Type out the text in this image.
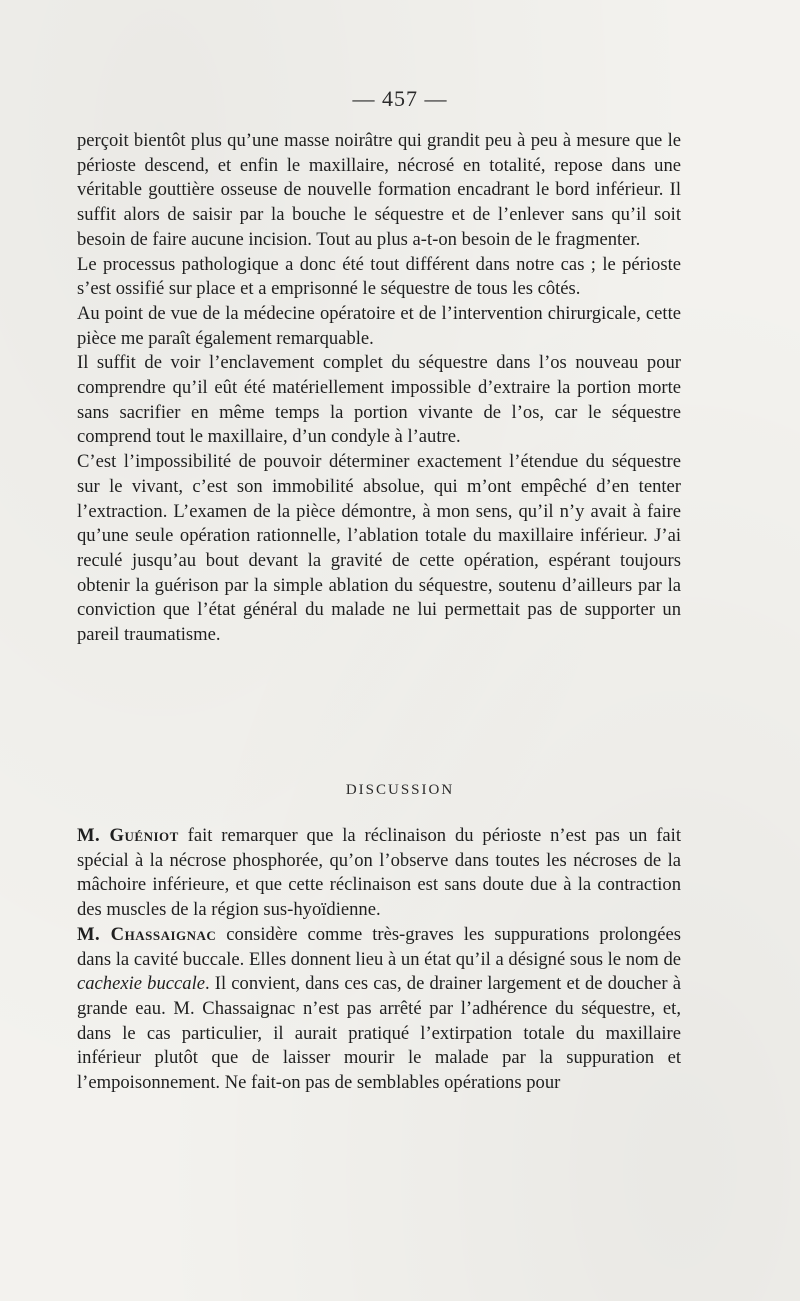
— 457 —

perçoit bientôt plus qu’une masse noirâtre qui grandit peu à peu à mesure que le périoste descend, et enfin le maxillaire, nécrosé en totalité, repose dans une véritable gouttière osseuse de nouvelle formation encadrant le bord inférieur. Il suffit alors de saisir par la bouche le séquestre et de l’enlever sans qu’il soit besoin de faire aucune incision. Tout au plus a-t-on besoin de le fragmenter.

Le processus pathologique a donc été tout différent dans notre cas ; le périoste s’est ossifié sur place et a emprisonné le séquestre de tous les côtés.

Au point de vue de la médecine opératoire et de l’intervention chirurgicale, cette pièce me paraît également remarquable.

Il suffit de voir l’enclavement complet du séquestre dans l’os nouveau pour comprendre qu’il eût été matériellement impossible d’extraire la portion morte sans sacrifier en même temps la portion vivante de l’os, car le séquestre comprend tout le maxillaire, d’un condyle à l’autre.

C’est l’impossibilité de pouvoir déterminer exactement l’étendue du séquestre sur le vivant, c’est son immobilité absolue, qui m’ont empêché d’en tenter l’extraction. L’examen de la pièce démontre, à mon sens, qu’il n’y avait à faire qu’une seule opération rationnelle, l’ablation totale du maxillaire inférieur. J’ai reculé jusqu’au bout devant la gravité de cette opération, espérant toujours obtenir la guérison par la simple ablation du séquestre, soutenu d’ailleurs par la conviction que l’état général du malade ne lui permettait pas de supporter un pareil traumatisme.

DISCUSSION

M. Guéniot fait remarquer que la réclinaison du périoste n’est pas un fait spécial à la nécrose phosphorée, qu’on l’observe dans toutes les nécroses de la mâchoire inférieure, et que cette réclinaison est sans doute due à la contraction des muscles de la région sus-hyoïdienne.

M. Chassaignac considère comme très-graves les suppurations prolongées dans la cavité buccale. Elles donnent lieu à un état qu’il a désigné sous le nom de cachexie buccale. Il convient, dans ces cas, de drainer largement et de doucher à grande eau. M. Chassaignac n’est pas arrêté par l’adhérence du séquestre, et, dans le cas particulier, il aurait pratiqué l’extirpation totale du maxillaire inférieur plutôt que de laisser mourir le malade par la suppuration et l’empoisonnement. Ne fait-on pas de semblables opérations pour
